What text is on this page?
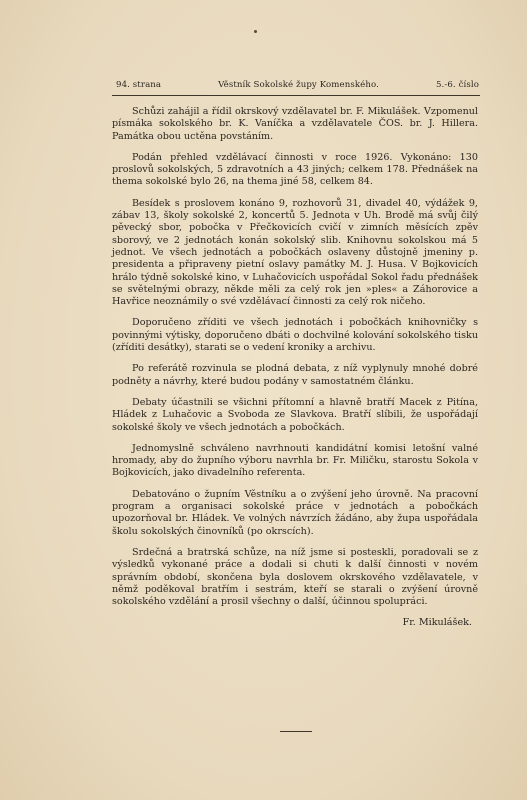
94. strana	Věstník Sokolské župy Komenského.	5.-6. číslo

Schůzi zahájil a řídil okrskový vzdělavatel br. F. Mikulášek. Vzpomenul písmáka sokolského br. K. Vaníčka a vzdělavatele ČOS. br. J. Hillera. Památka obou uctěna povstáním.

Podán přehled vzdělávací činnosti v roce 1926. Vykonáno: 130 proslovů sokolských, 5 zdravotních a 43 jiných; celkem 178. Přednášek na thema sokolské bylo 26, na thema jiné 58, celkem 84.

Besídek s proslovem konáno 9, rozhovorů 31, divadel 40, výdážek 9, zábav 13, školy sokolské 2, koncertů 5. Jednota v Uh. Brodě má svůj čilý pěvecký sbor, pobočka v Přečkovicích cvičí v zimních měsících zpěv sborový, ve 2 jednotách konán sokolský slib. Knihovnu sokolskou má 5 jednot. Ve všech jednotách a pobočkách oslaveny důstojně jmeniny p. presidenta a připraveny pietní oslavy památky M. J. Husa. V Bojkovicích hrálo týdně sokolské kino, v Luhačovicích uspořádal Sokol řadu přednášek se světelnými obrazy, někde měli za celý rok jen »ples« a Záhorovice a Havřice neoznámily o své vzdělávací činnosti za celý rok ničeho.

Doporučeno zříditi ve všech jednotách i pobočkách knihovničky s povinnými výtisky, doporučeno dbáti o dochvilné kolování sokolského tisku (zříditi desátky), starati se o vedení kroniky a archivu.

Po referátě rozvinula se plodná debata, z níž vyplynuly mnohé dobré podněty a návrhy, které budou podány v samostatném článku.

Debaty účastnili se všichni přítomní a hlavně bratří Macek z Pitína, Hládek z Luhačovic a Svoboda ze Slavkova. Bratří slíbili, že uspořádají sokolské školy ve všech jednotách a pobočkách.

Jednomyslně schváleno navrhnouti kandidátní komisi letošní valné hromady, aby do župního výboru navrhla br. Fr. Miličku, starostu Sokola v Bojkovicích, jako divadelního referenta.

Debatováno o župním Věstníku a o zvýšení jeho úrovně. Na pracovní program a organisaci sokolské práce v jednotách a pobočkách upozorňoval br. Hládek. Ve volných návrzích žádáno, aby župa uspořádala školu sokolských činovníků (po okrscích).

Srdečná a bratrská schůze, na níž jsme si posteskli, poradovali se z výsledků vykonané práce a dodali si chuti k další činnosti v novém správním období, skončena byla doslovem okrskového vzdělavatele, v němž poděkoval bratřím i sestrám, kteří se starali o zvýšení úrovně sokolského vzdělání a prosil všechny o další, účinnou spolupráci.

Fr. Mikulášek.
